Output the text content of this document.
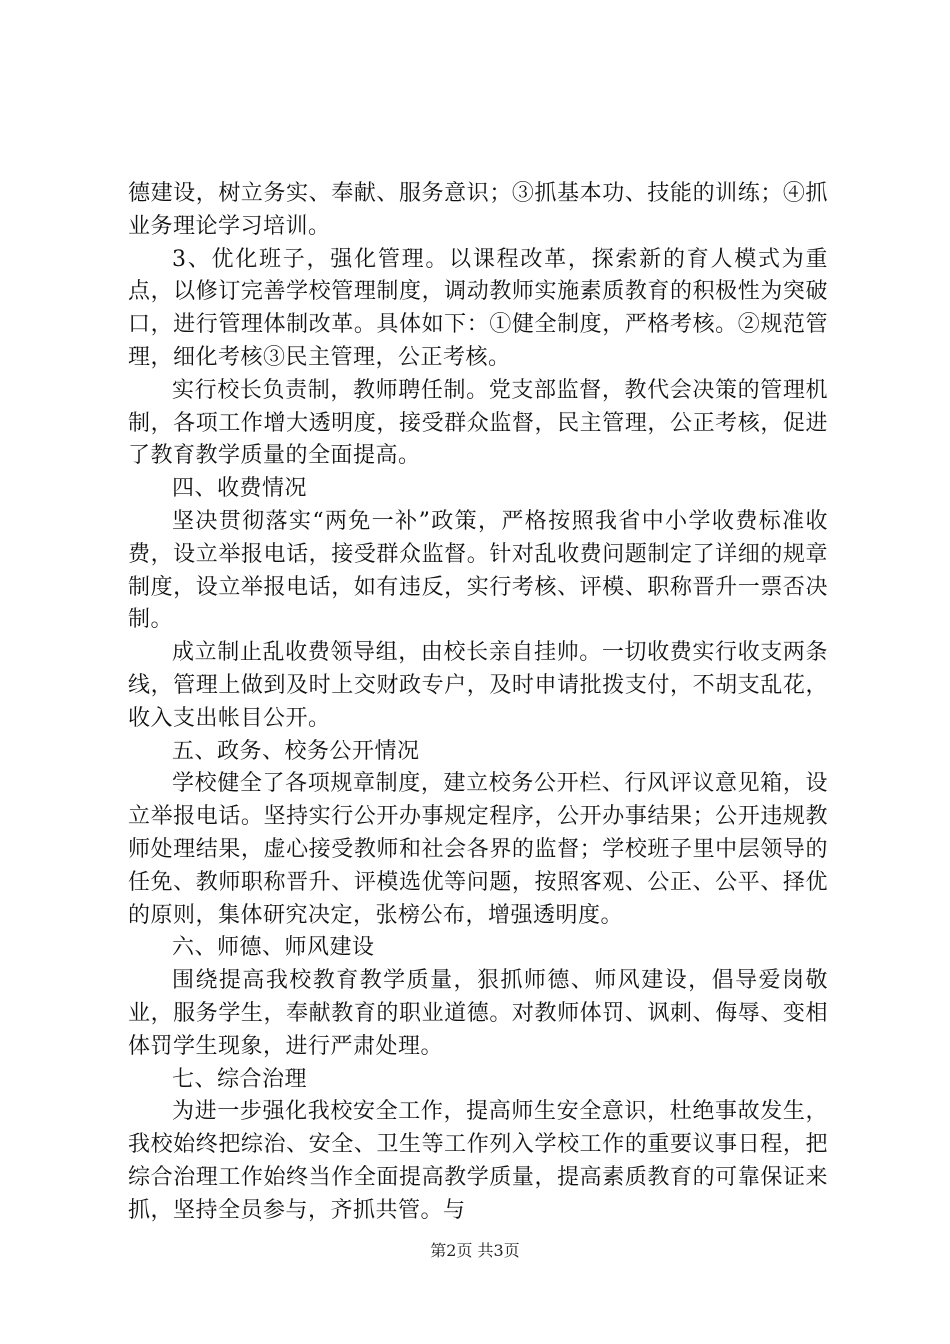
德建设，树立务实、奉献、服务意识；③抓基本功、技能的训练；④抓业务理论学习培训。

3、优化班子，强化管理。以课程改革，探索新的育人模式为重点，以修订完善学校管理制度，调动教师实施素质教育的积极性为突破口，进行管理体制改革。具体如下：①健全制度，严格考核。②规范管理，细化考核③民主管理，公正考核。

实行校长负责制，教师聘任制。党支部监督，教代会决策的管理机制，各项工作增大透明度，接受群众监督，民主管理，公正考核，促进了教育教学质量的全面提高。

四、收费情况

坚决贯彻落实“两免一补”政策，严格按照我省中小学收费标准收费，设立举报电话，接受群众监督。针对乱收费问题制定了详细的规章制度，设立举报电话，如有违反，实行考核、评模、职称晋升一票否决制。

成立制止乱收费领导组，由校长亲自挂帅。一切收费实行收支两条线，管理上做到及时上交财政专户，及时申请批拨支付，不胡支乱花，收入支出帐目公开。

五、政务、校务公开情况

学校健全了各项规章制度，建立校务公开栏、行风评议意见箱，设立举报电话。坚持实行公开办事规定程序，公开办事结果；公开违规教师处理结果，虚心接受教师和社会各界的监督；学校班子里中层领导的任免、教师职称晋升、评模选优等问题，按照客观、公正、公平、择优的原则，集体研究决定，张榜公布，增强透明度。

六、师德、师风建设

围绕提高我校教育教学质量，狠抓师德、师风建设，倡导爱岗敬业，服务学生，奉献教育的职业道德。对教师体罚、讽刺、侮辱、变相体罚学生现象，进行严肃处理。

七、综合治理

为进一步强化我校安全工作，提高师生安全意识，杜绝事故发生，我校始终把综治、安全、卫生等工作列入学校工作的重要议事日程，把综合治理工作始终当作全面提高教学质量，提高素质教育的可靠保证来抓，坚持全员参与，齐抓共管。与

第2页 共3页
